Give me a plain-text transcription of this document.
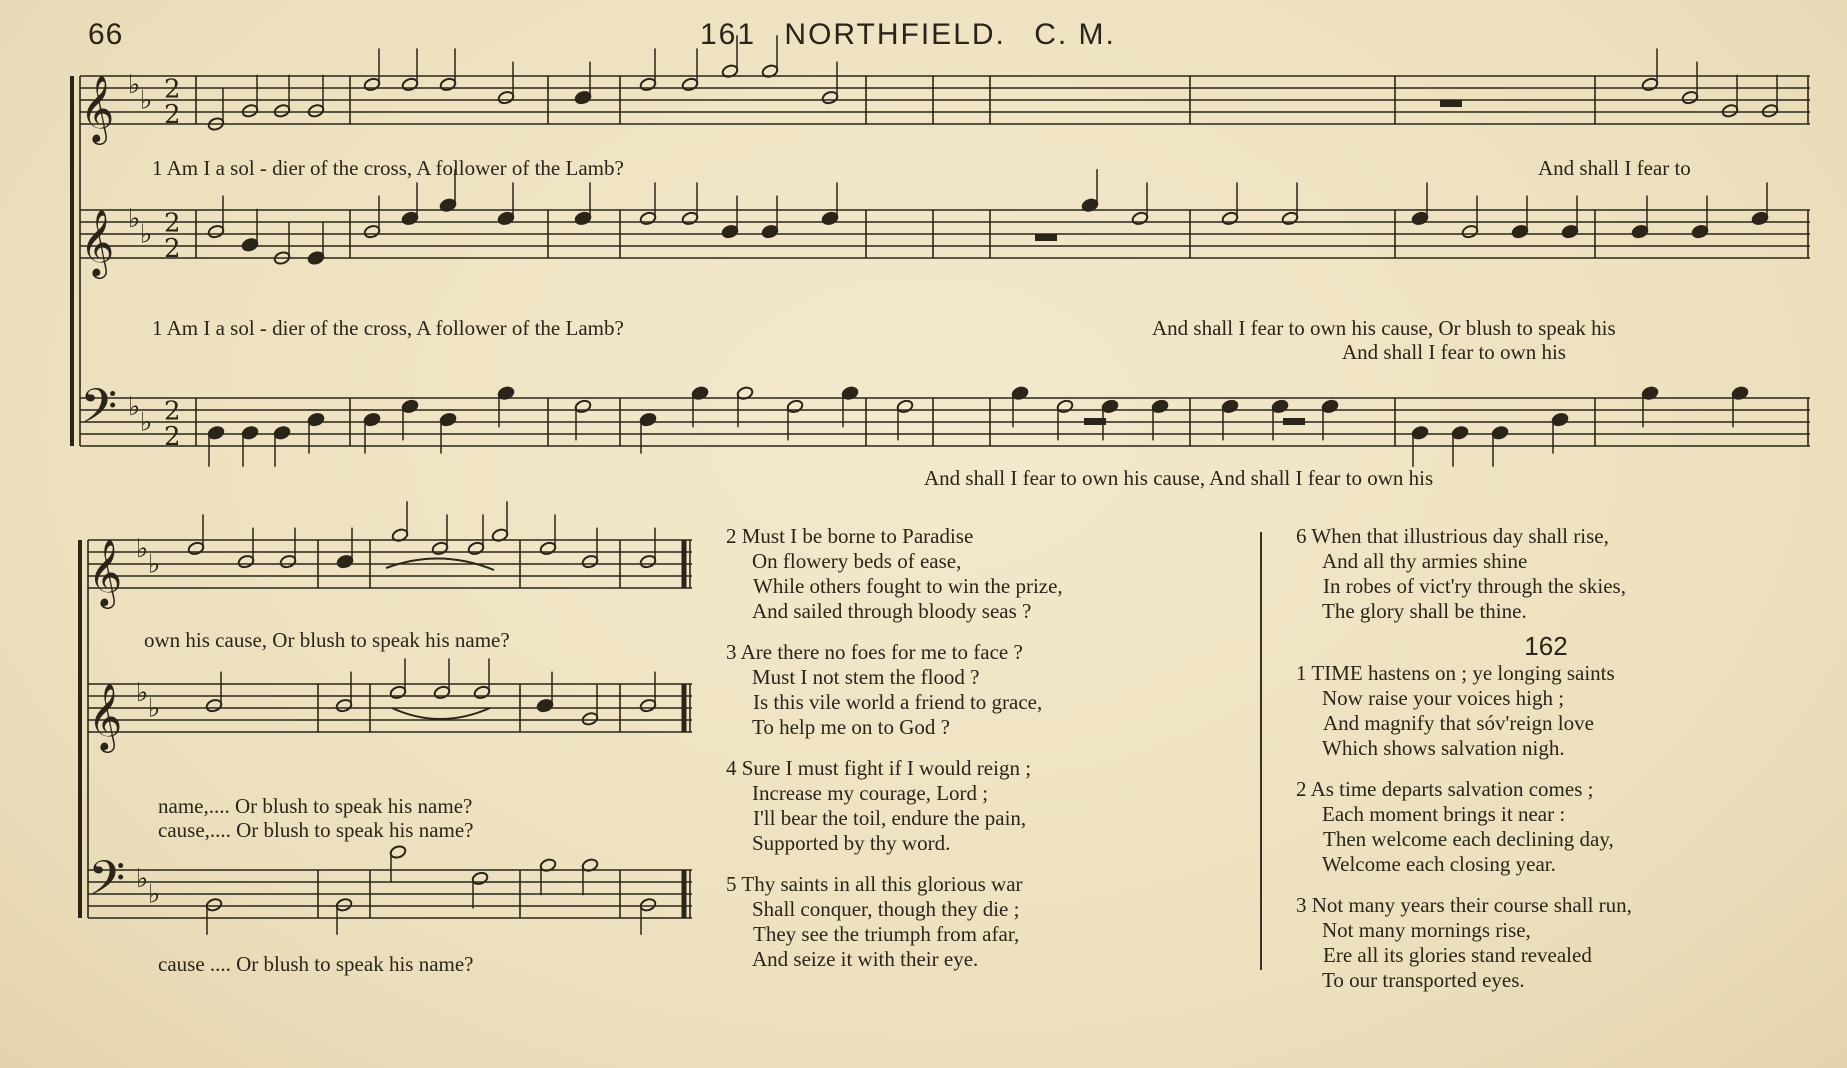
66	161 NORTHFIELD. C. M.
𝄞 ♭
♭ 2
2
𝄞 ♭
♭ 2
2
𝄢 ♭
♭ 2
2
𝄞 ♭
♭
𝄞 ♭
♭
𝄢 ♭
♭
1 Am I a sol - dier of the cross, A follower of the Lamb?	And shall I fear to
1 Am I a sol - dier of the cross, A follower of the Lamb?	And shall I fear to own his cause, Or blush to speak his
And shall I fear to own his
And shall I fear to own his cause, And shall I fear to own his
own his cause, Or blush to speak his name?
name,.... Or blush to speak his name?
cause,.... Or blush to speak his name?
cause .... Or blush to speak his name?
2 Must I be borne to Paradise
On flowery beds of ease,
While others fought to win the prize,
And sailed through bloody seas ?
3 Are there no foes for me to face ?
Must I not stem the flood ?
Is this vile world a friend to grace,
To help me on to God ?
4 Sure I must fight if I would reign ;
Increase my courage, Lord ;
I'll bear the toil, endure the pain,
Supported by thy word.
5 Thy saints in all this glorious war
Shall conquer, though they die ;
They see the triumph from afar,
And seize it with their eye.
6 When that illustrious day shall rise,
And all thy armies shine
In robes of vict'ry through the skies,
The glory shall be thine.
162
1 TIME hastens on ; ye longing saints
Now raise your voices high ;
And magnify that sóv'reign love
Which shows salvation nigh.
2 As time departs salvation comes ;
Each moment brings it near :
Then welcome each declining day,
Welcome each closing year.
3 Not many years their course shall run,
Not many mornings rise,
Ere all its glories stand revealed
To our transported eyes.
